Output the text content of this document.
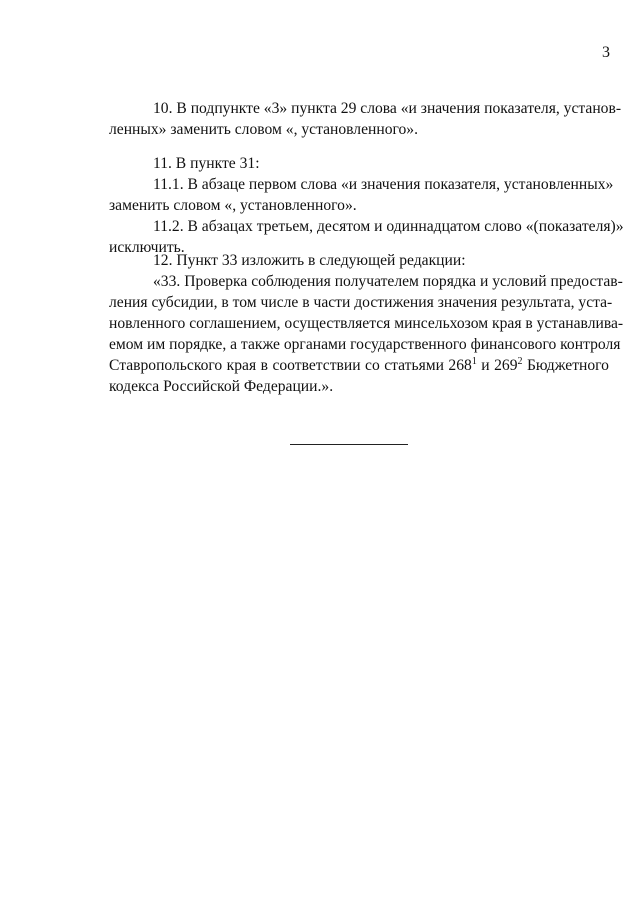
3
10. В подпункте «3» пункта 29 слова «и значения показателя, установ-
ленных» заменить словом «, установленного».
11. В пункте 31:
11.1. В абзаце первом слова «и значения показателя, установленных»
заменить словом «, установленного».
11.2. В абзацах третьем, десятом и одиннадцатом слово «(показателя)»
исключить.
12. Пункт 33 изложить в следующей редакции:
«33. Проверка соблюдения получателем порядка и условий предостав-
ления субсидии, в том числе в части достижения значения результата, уста-
новленного соглашением, осуществляется минсельхозом края в устанавлива-
емом им порядке, а также органами государственного финансового контроля
Ставропольского края в соответствии со статьями $268^1$ и $269^2$ Бюджетного
кодекса Российской Федерации.».
